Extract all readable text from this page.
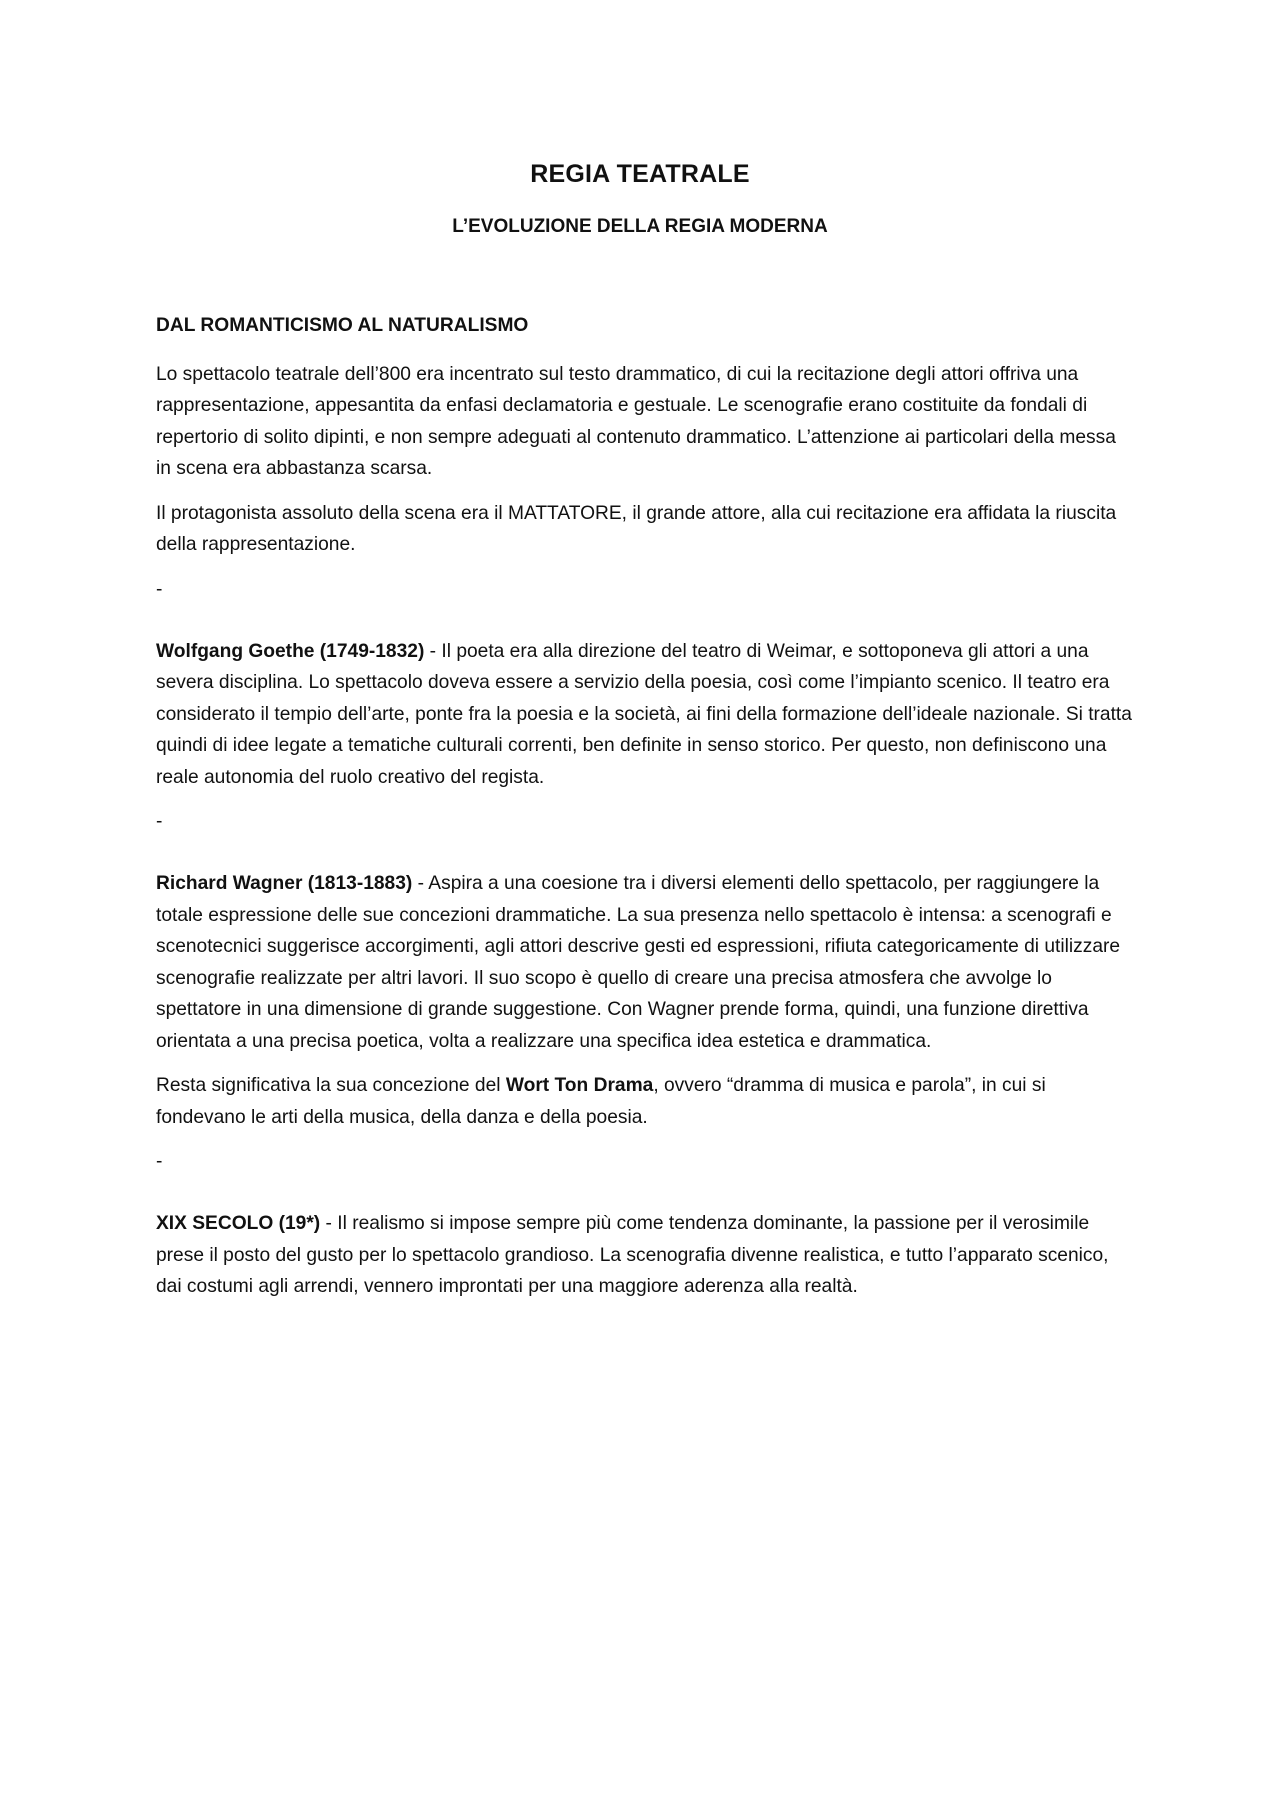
REGIA TEATRALE
L’EVOLUZIONE DELLA REGIA MODERNA
DAL ROMANTICISMO AL NATURALISMO

Lo spettacolo teatrale dell’800 era incentrato sul testo drammatico, di cui la recitazione degli attori offriva una rappresentazione, appesantita da enfasi declamatoria e gestuale. Le scenografie erano costituite da fondali di repertorio di solito dipinti, e non sempre adeguati al contenuto drammatico. L’attenzione ai particolari della messa in scena era abbastanza scarsa.

Il protagonista assoluto della scena era il MATTATORE, il grande attore, alla cui recitazione era affidata la riuscita della rappresentazione.

-

Wolfgang Goethe (1749-1832) - Il poeta era alla direzione del teatro di Weimar, e sottoponeva gli attori a una severa disciplina. Lo spettacolo doveva essere a servizio della poesia, così come l’impianto scenico. Il teatro era considerato il tempio dell’arte, ponte fra la poesia e la società, ai fini della formazione dell’ideale nazionale. Si tratta quindi di idee legate a tematiche culturali correnti, ben definite in senso storico. Per questo, non definiscono una reale autonomia del ruolo creativo del regista.

-

Richard Wagner (1813-1883) - Aspira a una coesione tra i diversi elementi dello spettacolo, per raggiungere la totale espressione delle sue concezioni drammatiche. La sua presenza nello spettacolo è intensa: a scenografi e scenotecnici suggerisce accorgimenti, agli attori descrive gesti ed espressioni, rifiuta categoricamente di utilizzare scenografie realizzate per altri lavori. Il suo scopo è quello di creare una precisa atmosfera che avvolge lo spettatore in una dimensione di grande suggestione. Con Wagner prende forma, quindi, una funzione direttiva orientata a una precisa poetica, volta a realizzare una specifica idea estetica e drammatica.

Resta significativa la sua concezione del Wort Ton Drama, ovvero “dramma di musica e parola”, in cui si fondevano le arti della musica, della danza e della poesia.

-

XIX SECOLO (19*) - Il realismo si impose sempre più come tendenza dominante, la passione per il verosimile prese il posto del gusto per lo spettacolo grandioso. La scenografia divenne realistica, e tutto l’apparato scenico, dai costumi agli arrendi, vennero improntati per una maggiore aderenza alla realtà.
